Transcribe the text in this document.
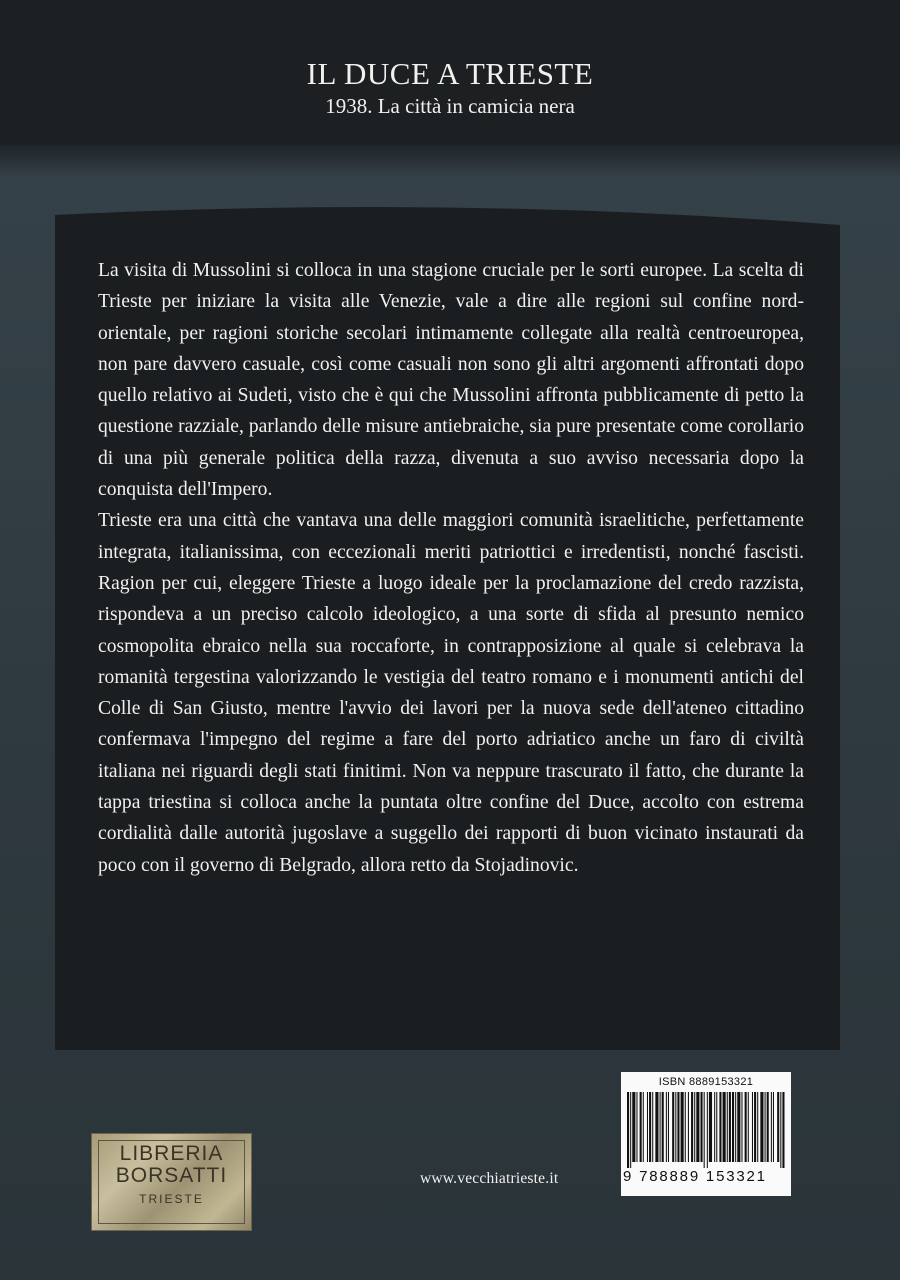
IL DUCE A TRIESTE
1938. La città in camicia nera

La visita di Mussolini si colloca in una stagione cruciale per le sorti europee. La scelta di Trieste per iniziare la visita alle Venezie, vale a dire alle regioni sul confine nord-orientale, per ragioni storiche secolari intimamente collegate alla realtà centroeuropea, non pare davvero casuale, così come casuali non sono gli altri argomenti affrontati dopo quello relativo ai Sudeti, visto che è qui che Mussolini affronta pubblicamente di petto la questione razziale, parlando delle misure antiebraiche, sia pure presentate come corollario di una più generale politica della razza, divenuta a suo avviso necessaria dopo la conquista dell'Impero.

Trieste era una città che vantava una delle maggiori comunità israelitiche, perfettamente integrata, italianissima, con eccezionali meriti patriottici e irredentisti, nonché fascisti. Ragion per cui, eleggere Trieste a luogo ideale per la proclamazione del credo razzista, rispondeva a un preciso calcolo ideologico, a una sorte di sfida al presunto nemico cosmopolita ebraico nella sua roccaforte, in contrapposizione al quale si celebrava la romanità tergestina valorizzando le vestigia del teatro romano e i monumenti antichi del Colle di San Giusto, mentre l'avvio dei lavori per la nuova sede dell'ateneo cittadino confermava l'impegno del regime a fare del porto adriatico anche un faro di civiltà italiana nei riguardi degli stati finitimi. Non va neppure trascurato il fatto, che durante la tappa triestina si colloca anche la puntata oltre confine del Duce, accolto con estrema cordialità dalle autorità jugoslave a suggello dei rapporti di buon vicinato instaurati da poco con il governo di Belgrado, allora retto da Stojadinovic.

LIBRERIA
BORSATTI
TRIESTE
www.vecchiatrieste.it
ISBN 8889153321
9 788889 153321
